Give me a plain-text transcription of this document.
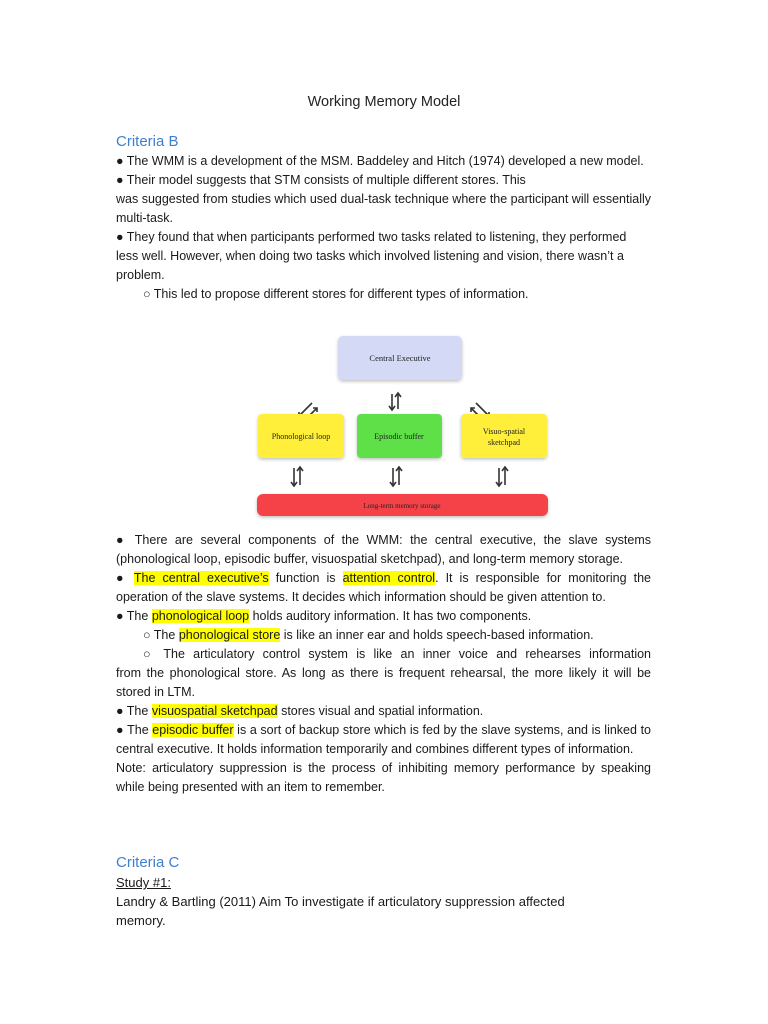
Working Memory Model
Criteria B

● The WMM is a development of the MSM. Baddeley and Hitch (1974) developed a new model.

● Their model suggests that STM consists of multiple different stores. This

was suggested from studies which used dual-task technique where the participant will essentially multi-task.

● They found that when participants performed two tasks related to listening, they performed less well. However, when doing two tasks which involved listening and vision, there wasn’t a problem.

○ This led to propose different stores for different types of information.

Central Executive
Phonological loop	Episodic buffer
Visuo-spatial
sketchpad
Long-term memory storage

● There are several components of the WMM: the central executive, the slave systems (phonological loop, episodic buffer, visuospatial sketchpad), and long-term memory storage.

● The central executive’s function is attention control. It is responsible for monitoring the operation of the slave systems. It decides which information should be given attention to.

● The phonological loop holds auditory information. It has two components.

○ The phonological store is like an inner ear and holds speech-based information.

○ The articulatory control system is like an inner voice and rehearses information

from the phonological store. As long as there is frequent rehearsal, the more likely it will be stored in LTM.

● The visuospatial sketchpad stores visual and spatial information.

● The episodic buffer is a sort of backup store which is fed by the slave systems, and is linked to central executive. It holds information temporarily and combines different types of information.

Note: articulatory suppression is the process of inhibiting memory performance by speaking while being presented with an item to remember.

Criteria C

Study #1:

Landry & Bartling (2011) Aim To investigate if articulatory suppression affected memory.
